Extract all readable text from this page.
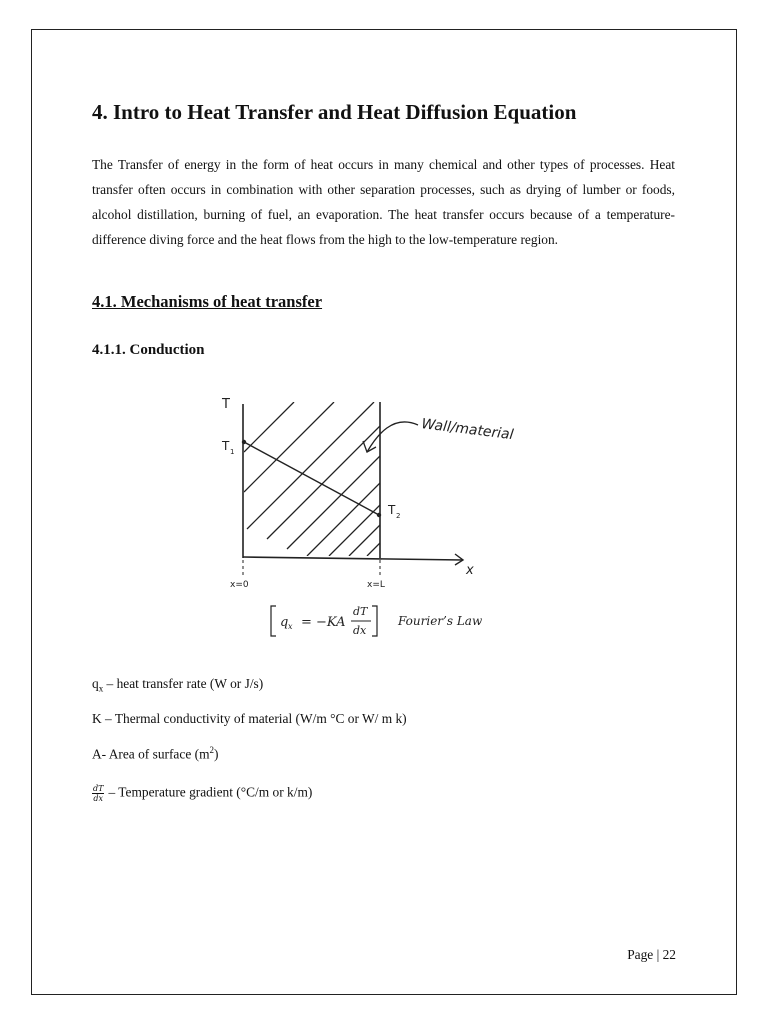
4. Intro to Heat Transfer and Heat Diffusion Equation

The Transfer of energy in the form of heat occurs in many chemical and other types of processes. Heat transfer often occurs in combination with other separation processes, such as drying of lumber or foods, alcohol distillation, burning of fuel, an evaporation. The heat transfer occurs because of a temperature-difference diving force and the heat flows from the high to the low-temperature region.

4.1. Mechanisms of heat transfer
4.1.1. Conduction
T
x
T 1
T 2
x=0	x=L
Wall/material
q x = −KA
dT
dx
Fourier’s Law

$q_x$ – heat transfer rate (W or J/s)

K – Thermal conductivity of material (W/m °C or W/ m k)

A- Area of surface $(m^2)$

$\frac{dT}{dx}$ – Temperature gradient (°C/m or k/m)

Page | 22
